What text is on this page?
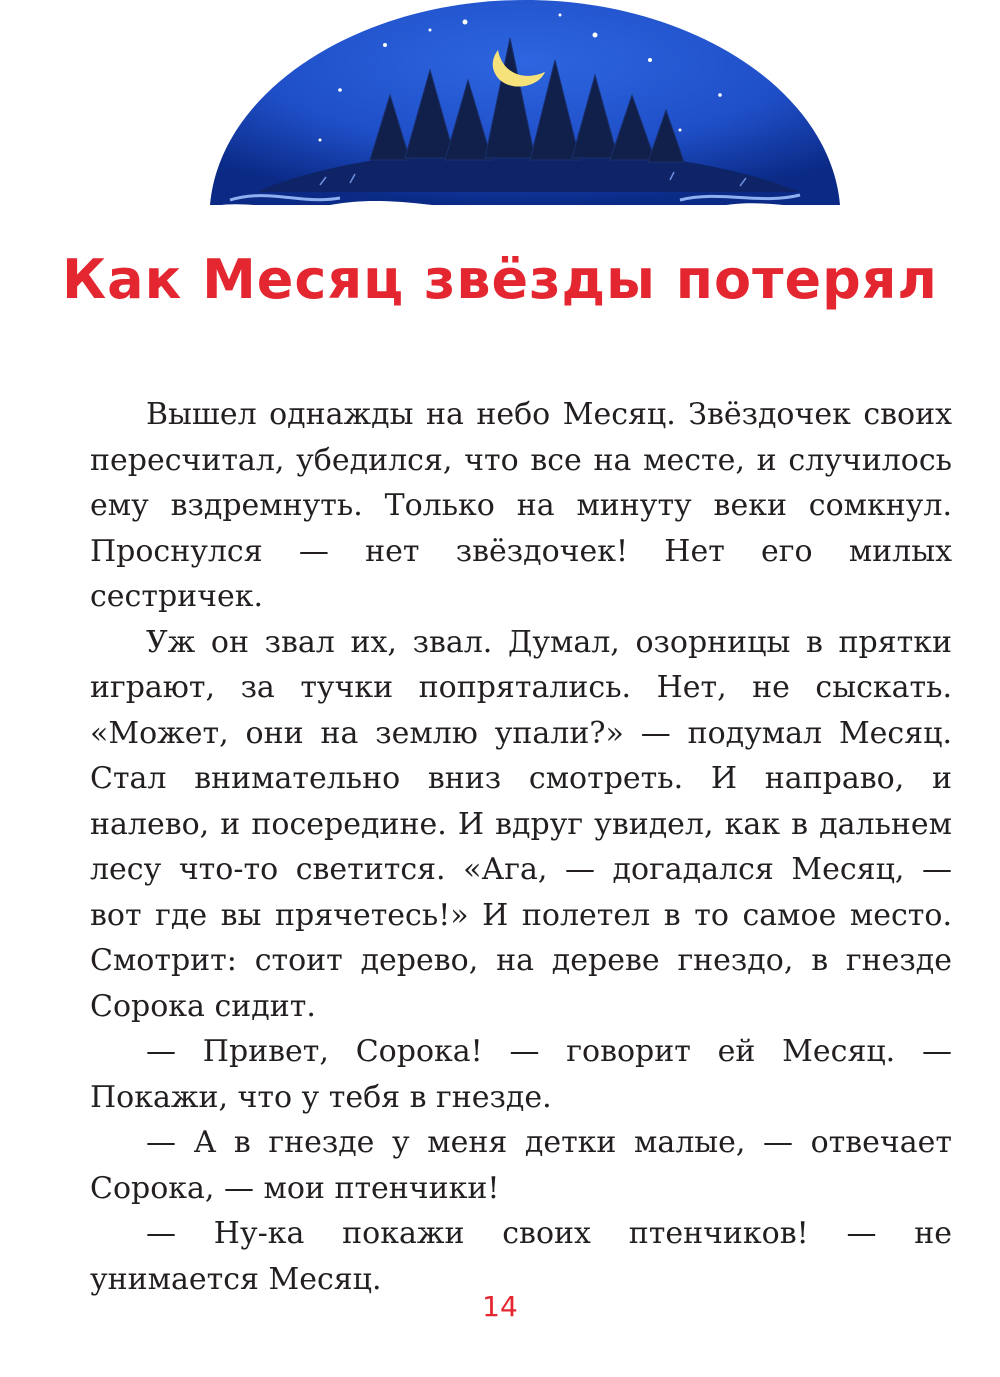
Как Месяц звёзды потерял

Вышел однажды на небо Месяц. Звёздочек своих пересчитал, убедился, что все на месте, и случилось ему вздремнуть. Только на минуту веки сомкнул. Проснулся — нет звёздочек! Нет его милых сестричек.

Уж он звал их, звал. Думал, озорницы в прятки играют, за тучки попрятались. Нет, не сыскать. «Может, они на землю упали?» — подумал Месяц. Стал внимательно вниз смотреть. И направо, и налево, и посередине. И вдруг увидел, как в дальнем лесу что-то светится. «Ага, — догадался Месяц, — вот где вы прячетесь!» И полетел в то самое место. Смотрит: стоит дерево, на дереве гнездо, в гнезде Сорока сидит.

— Привет, Сорока! — говорит ей Месяц. — Покажи, что у тебя в гнезде.

— А в гнезде у меня детки малые, — отвечает Сорока, — мои птенчики!

— Ну-ка покажи своих птенчиков! — не унимается Месяц.

14
